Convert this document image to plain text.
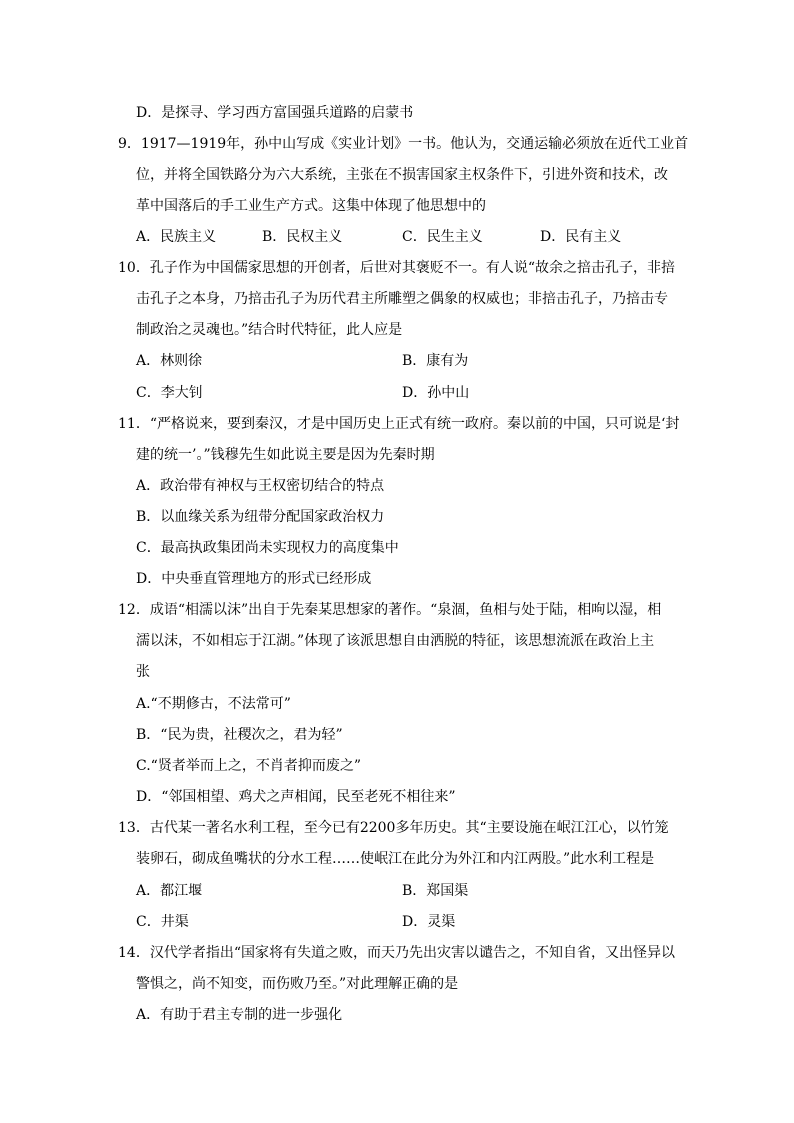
D．是探寻、学习西方富国强兵道路的启蒙书
9．1917—1919年，孙中山写成《实业计划》一书。他认为，交通运输必须放在近代工业首
位，并将全国铁路分为六大系统，主张在不损害国家主权条件下，引进外资和技术，改
革中国落后的手工业生产方式。这集中体现了他思想中的
A．民族主义	B．民权主义	C．民生主义	D．民有主义
10．孔子作为中国儒家思想的开创者，后世对其褒贬不一。有人说“故余之掊击孔子，非掊
击孔子之本身，乃掊击孔子为历代君主所雕塑之偶象的权威也；非掊击孔子，乃掊击专
制政治之灵魂也。”结合时代特征，此人应是
A．林则徐	B．康有为
C．李大钊	D．孙中山
11．“严格说来，要到秦汉，才是中国历史上正式有统一政府。秦以前的中国，只可说是‘封
建的统一’。”钱穆先生如此说主要是因为先秦时期
A．政治带有神权与王权密切结合的特点
B．以血缘关系为纽带分配国家政治权力
C．最高执政集团尚未实现权力的高度集中
D．中央垂直管理地方的形式已经形成
12．成语“相濡以沫”出自于先秦某思想家的著作。“泉涸，鱼相与处于陆，相呴以湿，相
濡以沫，不如相忘于江湖。”体现了该派思想自由洒脱的特征，该思想流派在政治上主
张
A.“不期修古，不法常可”
B．“民为贵，社稷次之，君为轻”
C.“贤者举而上之，不肖者抑而废之”
D．“邻国相望、鸡犬之声相闻，民至老死不相往来”
13．古代某一著名水利工程，至今已有2200多年历史。其“主要设施在岷江江心，以竹笼
装卵石，砌成鱼嘴状的分水工程……使岷江在此分为外江和内江两股。”此水利工程是
A．都江堰	B．郑国渠
C．井渠	D．灵渠
14．汉代学者指出“国家将有失道之败，而天乃先出灾害以谴告之，不知自省，又出怪异以
警惧之，尚不知变，而伤败乃至。”对此理解正确的是
A．有助于君主专制的进一步强化
